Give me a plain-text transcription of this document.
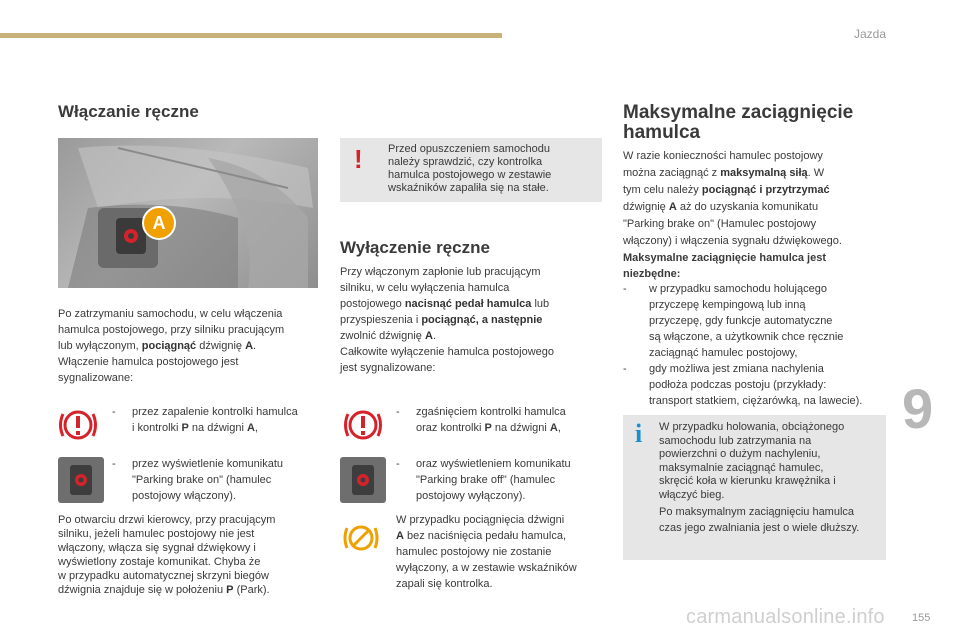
Jazda
Włączanie ręczne
A
Po zatrzymaniu samochodu, w celu włączenia
hamulca postojowego, przy silniku pracującym
lub wyłączonym, pociągnąć dźwignię A.
Włączenie hamulca postojowego jest
sygnalizowane:
- przez zapalenie kontrolki hamulca
i kontrolki P na dźwigni A,
- przez wyświetlenie komunikatu
"Parking brake on" (hamulec
postojowy włączony).
Po otwarciu drzwi kierowcy, przy pracującym
silniku, jeżeli hamulec postojowy nie jest
włączony, włącza się sygnał dźwiękowy i
wyświetlony zostaje komunikat. Chyba że
w przypadku automatycznej skrzyni biegów
dźwignia znajduje się w położeniu P (Park).
! Przed opuszczeniem samochodu
należy sprawdzić, czy kontrolka
hamulca postojowego w zestawie
wskaźników zapaliła się na stałe.
Wyłączenie ręczne
Przy włączonym zapłonie lub pracującym
silniku, w celu wyłączenia hamulca
postojowego nacisnąć pedał hamulca lub
przyspieszenia i pociągnąć, a następnie
zwolnić dźwignię A.
Całkowite wyłączenie hamulca postojowego
jest sygnalizowane:
- zgaśnięciem kontrolki hamulca
oraz kontrolki P na dźwigni A,
- oraz wyświetleniem komunikatu
"Parking brake off" (hamulec
postojowy wyłączony).
W przypadku pociągnięcia dźwigni
A bez naciśnięcia pedału hamulca,
hamulec postojowy nie zostanie
wyłączony, a w zestawie wskaźników
zapali się kontrolka.
Maksymalne zaciągnięcie
hamulca
W razie konieczności hamulec postojowy
można zaciągnąć z maksymalną siłą. W
tym celu należy pociągnąć i przytrzymać
dźwignię A aż do uzyskania komunikatu
"Parking brake on" (Hamulec postojowy
włączony) i włączenia sygnału dźwiękowego.
Maksymalne zaciągnięcie hamulca jest
niezbędne:
- w przypadku samochodu holującego
przyczepę kempingową lub inną
przyczepę, gdy funkcje automatyczne
są włączone, a użytkownik chce ręcznie
zaciągnąć hamulec postojowy,
- gdy możliwa jest zmiana nachylenia
podłoża podczas postoju (przykłady:
transport statkiem, ciężarówką, na lawecie).
i W przypadku holowania, obciążonego
samochodu lub zatrzymania na
powierzchni o dużym nachyleniu,
maksymalnie zaciągnąć hamulec,
skręcić koła w kierunku krawężnika i
włączyć bieg.

Po maksymalnym zaciągnięciu hamulca
czas jego zwalniania jest o wiele dłuższy.
9
carmanualsonline.info 155
